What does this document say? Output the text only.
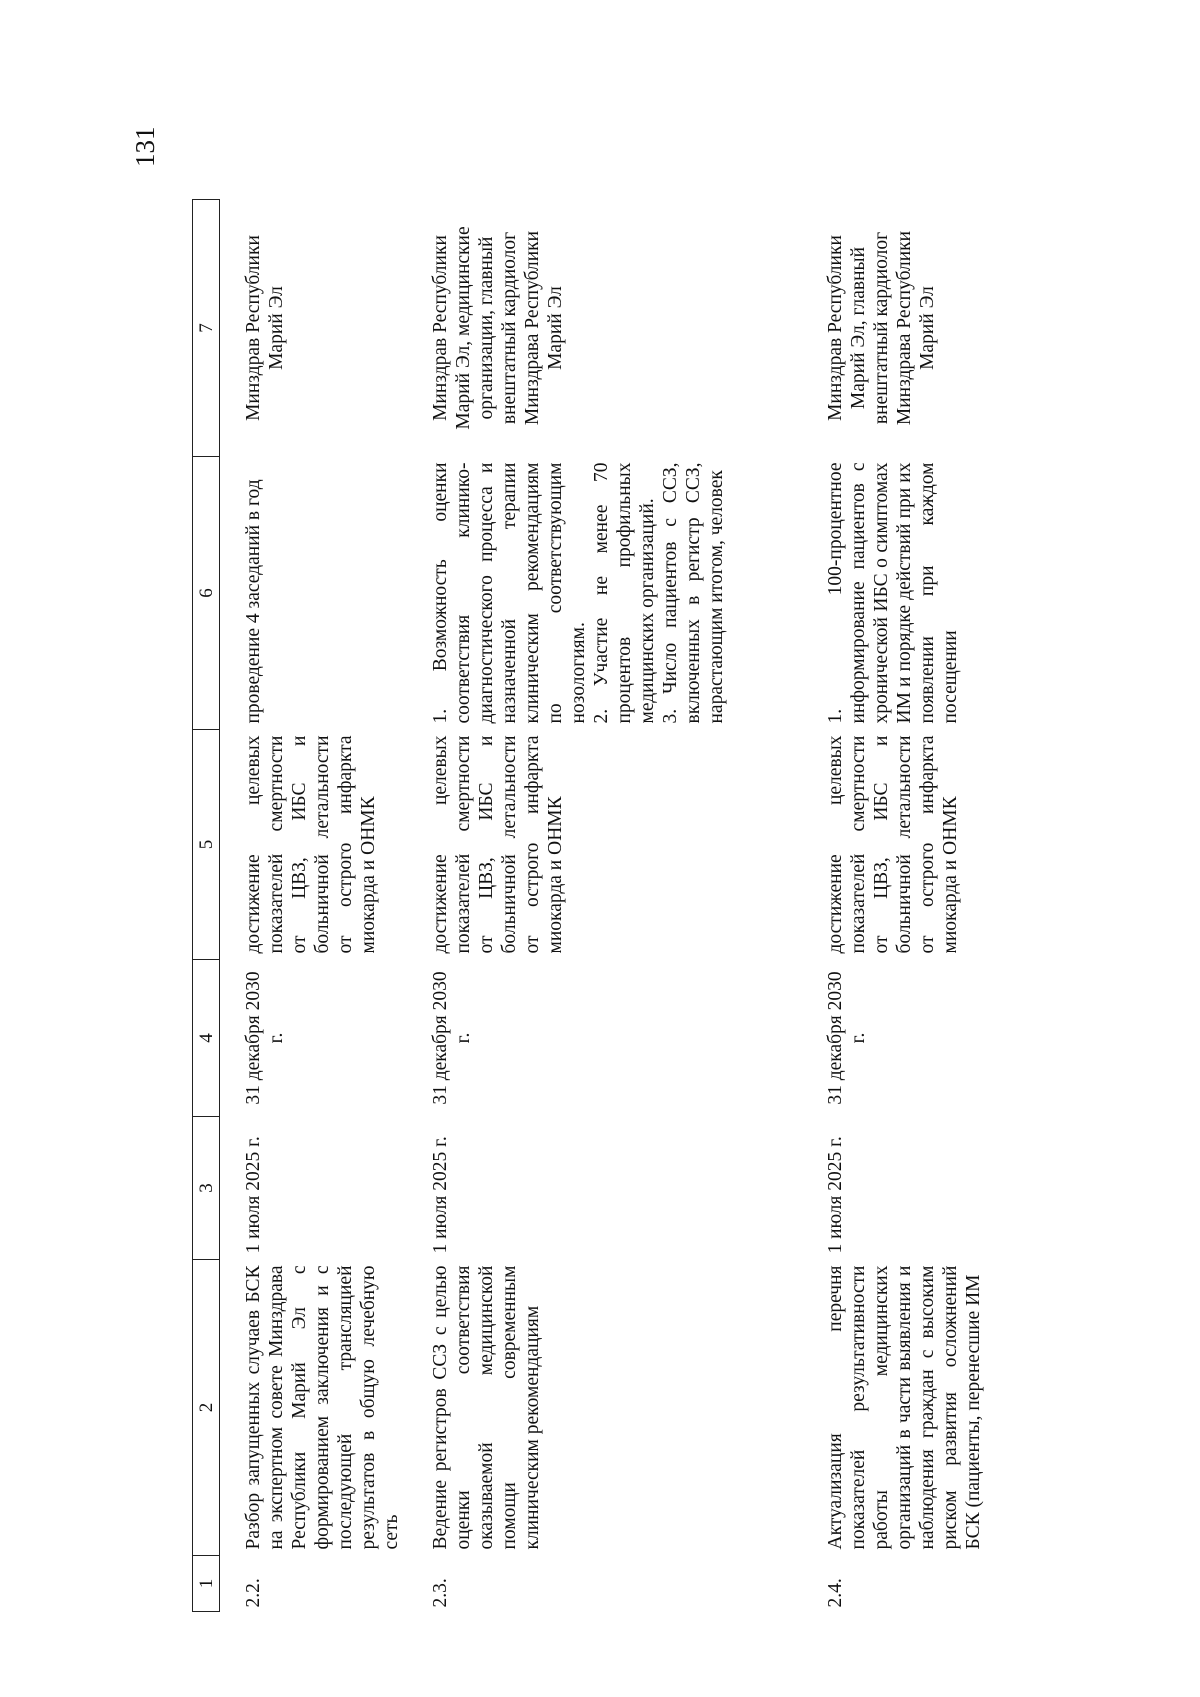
131
1	2	3	4	5	6	7
2.2.	Разбор запущенных случаев БСК на экспертном совете Минздрава Республики Марий Эл с формированием заключения и с последующей трансляцией результатов в общую лечебную сеть	1 июля 2025 г.	31 декабря 2030 г.	достижение целевых показателей смертности от ЦВЗ, ИБС и больничной летальности от острого инфаркта миокарда и ОНМК	проведение 4 заседаний в год	Минздрав Республики Марий Эл
2.3.	Ведение регистров ССЗ с целью оценки соответствия оказываемой медицинской помощи современным клиническим рекомендациям	1 июля 2025 г.	31 декабря 2030 г.	достижение целевых показателей смертности от ЦВЗ, ИБС и больничной летальности от острого инфаркта миокарда и ОНМК	1. Возможность оценки соответствия клинико-диагностического процесса и назначенной терапии клиническим рекомендациям по соответствующим нозологиям.
2. Участие не менее 70 процентов профильных медицинских организаций.
3. Число пациентов с ССЗ, включенных в регистр ССЗ, нарастающим итогом, человек	Минздрав Республики Марий Эл, медицинские организации, главный внештатный кардиолог Минздрава Республики Марий Эл
2.4.	Актуализация перечня показателей результативности работы медицинских организаций в части выявления и наблюдения граждан с высоким риском развития осложнений БСК (пациенты, перенесшие ИМ	1 июля 2025 г.	31 декабря 2030 г.	достижение целевых показателей смертности от ЦВЗ, ИБС и больничной летальности от острого инфаркта миокарда и ОНМК	1. 100-процентное информирование пациентов с хронической ИБС о симптомах ИМ и порядке действий при их появлении при каждом посещении	Минздрав Республики Марий Эл, главный внештатный кардиолог Минздрава Республики Марий Эл
